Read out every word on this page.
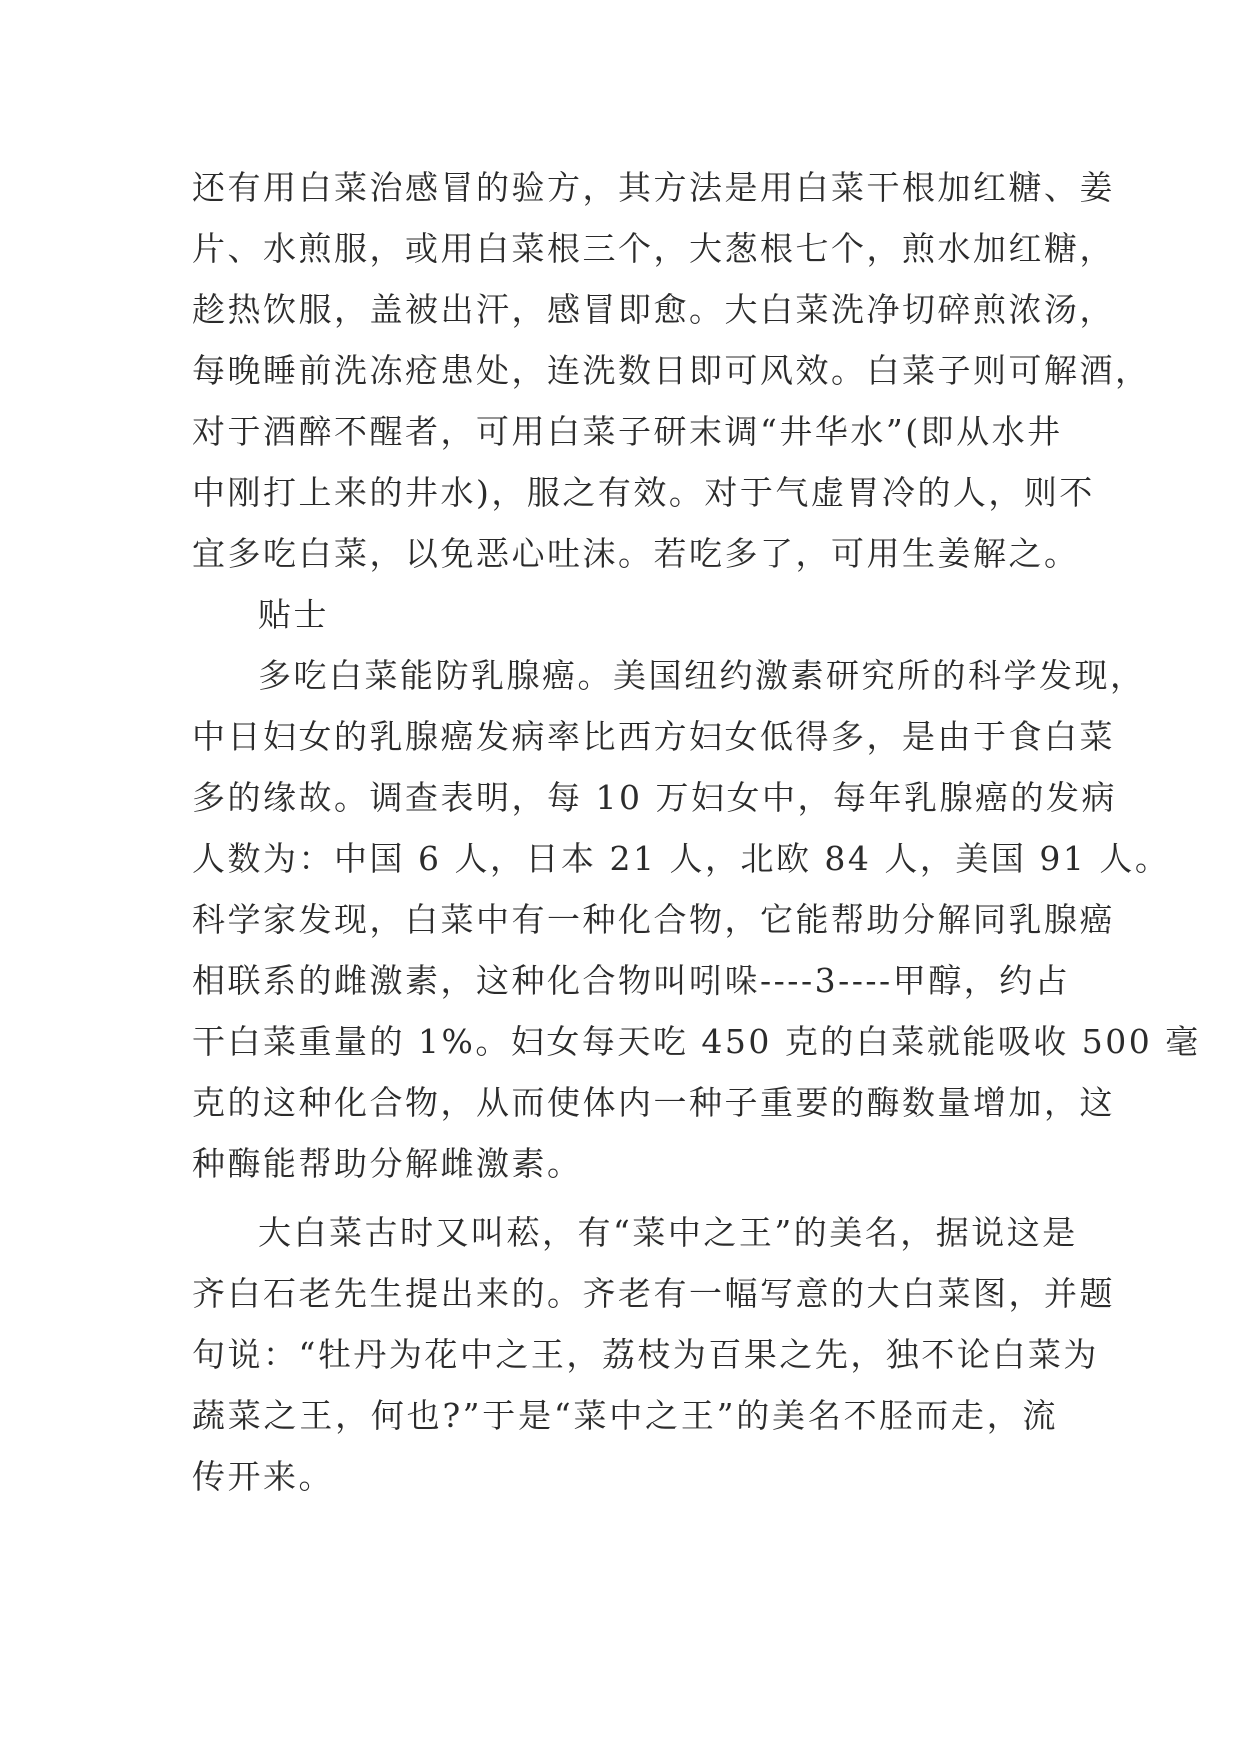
还有用白菜治感冒的验方，其方法是用白菜干根加红糖、姜
片、水煎服，或用白菜根三个，大葱根七个，煎水加红糖，
趁热饮服，盖被出汗，感冒即愈。大白菜洗净切碎煎浓汤，
每晚睡前洗冻疮患处，连洗数日即可风效。白菜子则可解酒，
对于酒醉不醒者，可用白菜子研末调“井华水”(即从水井
中刚打上来的井水)，服之有效。对于气虚胃冷的人，则不
宜多吃白菜，以免恶心吐沫。若吃多了，可用生姜解之。
贴士
多吃白菜能防乳腺癌。美国纽约激素研究所的科学发现，
中日妇女的乳腺癌发病率比西方妇女低得多，是由于食白菜
多的缘故。调查表明，每 10 万妇女中，每年乳腺癌的发病
人数为：中国 6 人，日本 21 人，北欧 84 人，美国 91 人。
科学家发现，白菜中有一种化合物，它能帮助分解同乳腺癌
相联系的雌激素，这种化合物叫吲哚----3----甲醇，约占
干白菜重量的 1%。妇女每天吃 450 克的白菜就能吸收 500 毫
克的这种化合物，从而使体内一种子重要的酶数量增加，这
种酶能帮助分解雌激素。
大白菜古时又叫菘，有“菜中之王”的美名，据说这是
齐白石老先生提出来的。齐老有一幅写意的大白菜图，并题
句说：“牡丹为花中之王，荔枝为百果之先，独不论白菜为
蔬菜之王，何也?”于是“菜中之王”的美名不胫而走，流
传开来。
